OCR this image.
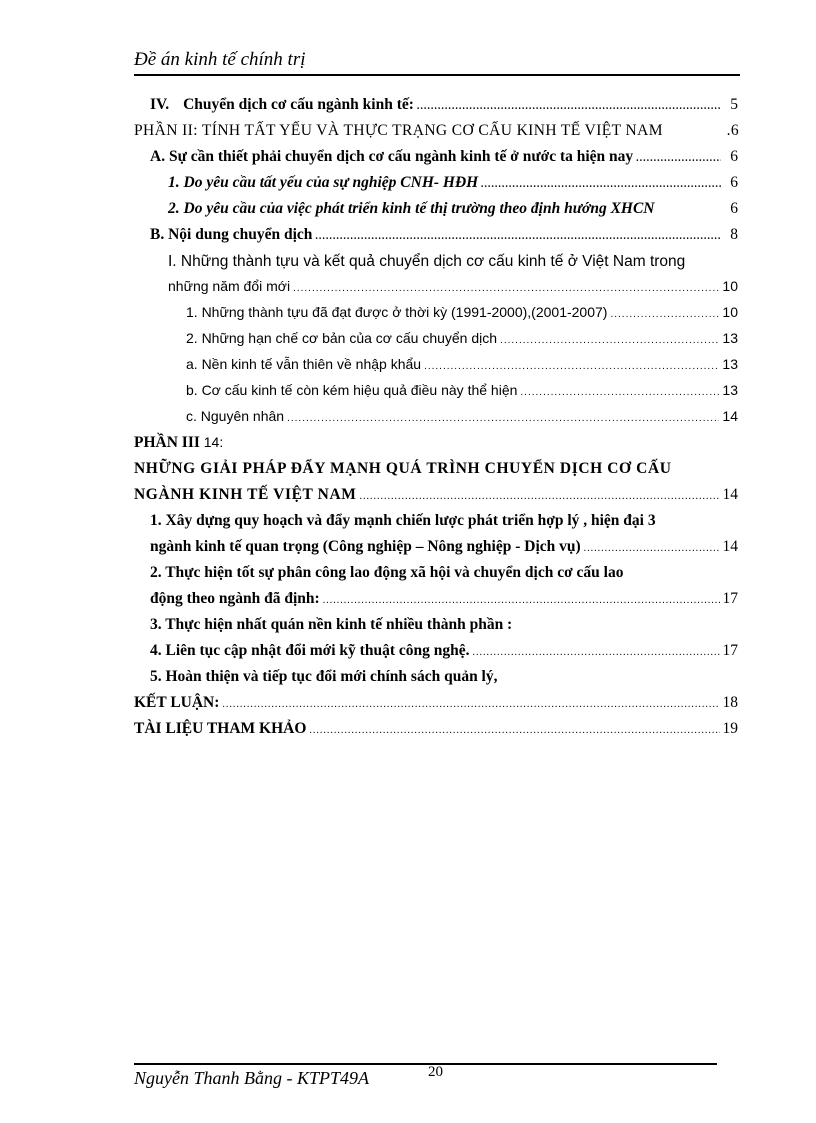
Đề án kinh tế chính trị
IV. Chuyển dịch cơ cấu ngành kinh tế: .....	5
PHẦN II: TÍNH TẤT YẾU VÀ THỰC TRẠNG CƠ CẤU KINH TẾ VIỆT NAM	.6
A. Sự cần thiết phải chuyển dịch cơ cấu ngành kinh tế ở nước ta hiện nay .....	6
1. Do yêu cầu tất yếu của sự nghiệp CNH- HĐH .....	6
2. Do yêu cầu của việc phát triển kinh tế thị trường theo định hướng XHCN	6
B. Nội dung chuyển dịch .....	8
I. Những thành tựu và kết quả chuyển dịch cơ cấu kinh tế ở Việt Nam trong
những năm đổi mới .....	10
1. Những thành tựu đã đạt được ở thời kỳ (1991-2000),(2001-2007) .....	10
2. Những hạn chế cơ bản của cơ cấu chuyển dịch .....	13
a. Nền kinh tế vẫn thiên về nhập khẩu .....	13
b. Cơ cấu kinh tế còn kém hiệu quả điều này thể hiện .....	13
c. Nguyên nhân .....	14
PHẦN III 14:
NHỮNG GIẢI PHÁP ĐẨY MẠNH QUÁ TRÌNH CHUYỂN DỊCH CƠ CẤU
NGÀNH KINH TẾ VIỆT NAM .....	14
1. Xây dựng quy hoạch và đẩy mạnh chiến lược phát triển hợp lý , hiện đại 3
ngành kinh tế quan trọng (Công nghiệp – Nông nghiệp - Dịch vụ) .....	14
2. Thực hiện tốt sự phân công lao động xã hội và chuyển dịch cơ cấu lao
động theo ngành đã định: .....	17
3. Thực hiện nhất quán nền kinh tế nhiều thành phần :
4. Liên tục cập nhật đổi mới kỹ thuật công nghệ. .....	17
5. Hoàn thiện và tiếp tục đổi mới chính sách quản lý,
KẾT LUẬN: .....	18
TÀI LIỆU THAM KHẢO .....	19
Nguyễn Thanh Bằng - KTPT49A	20
